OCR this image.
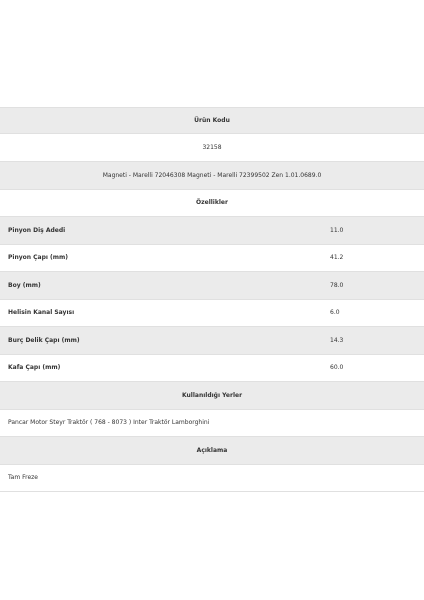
Ürün Kodu
32158
Magneti - Marelli 72046308 Magneti - Marelli 72399502 Zen 1.01.0689.0
Özellikler
Pinyon Diş Adedi	11.0
Pinyon Çapı (mm)	41.2
Boy (mm)	78.0
Helisin Kanal Sayısı	6.0
Burç Delik Çapı (mm)	14.3
Kafa Çapı (mm)	60.0
Kullanıldığı Yerler
Pancar Motor Steyr Traktör ( 768 - 8073 ) Inter Traktör Lamborghini
Açıklama
Tam Freze
